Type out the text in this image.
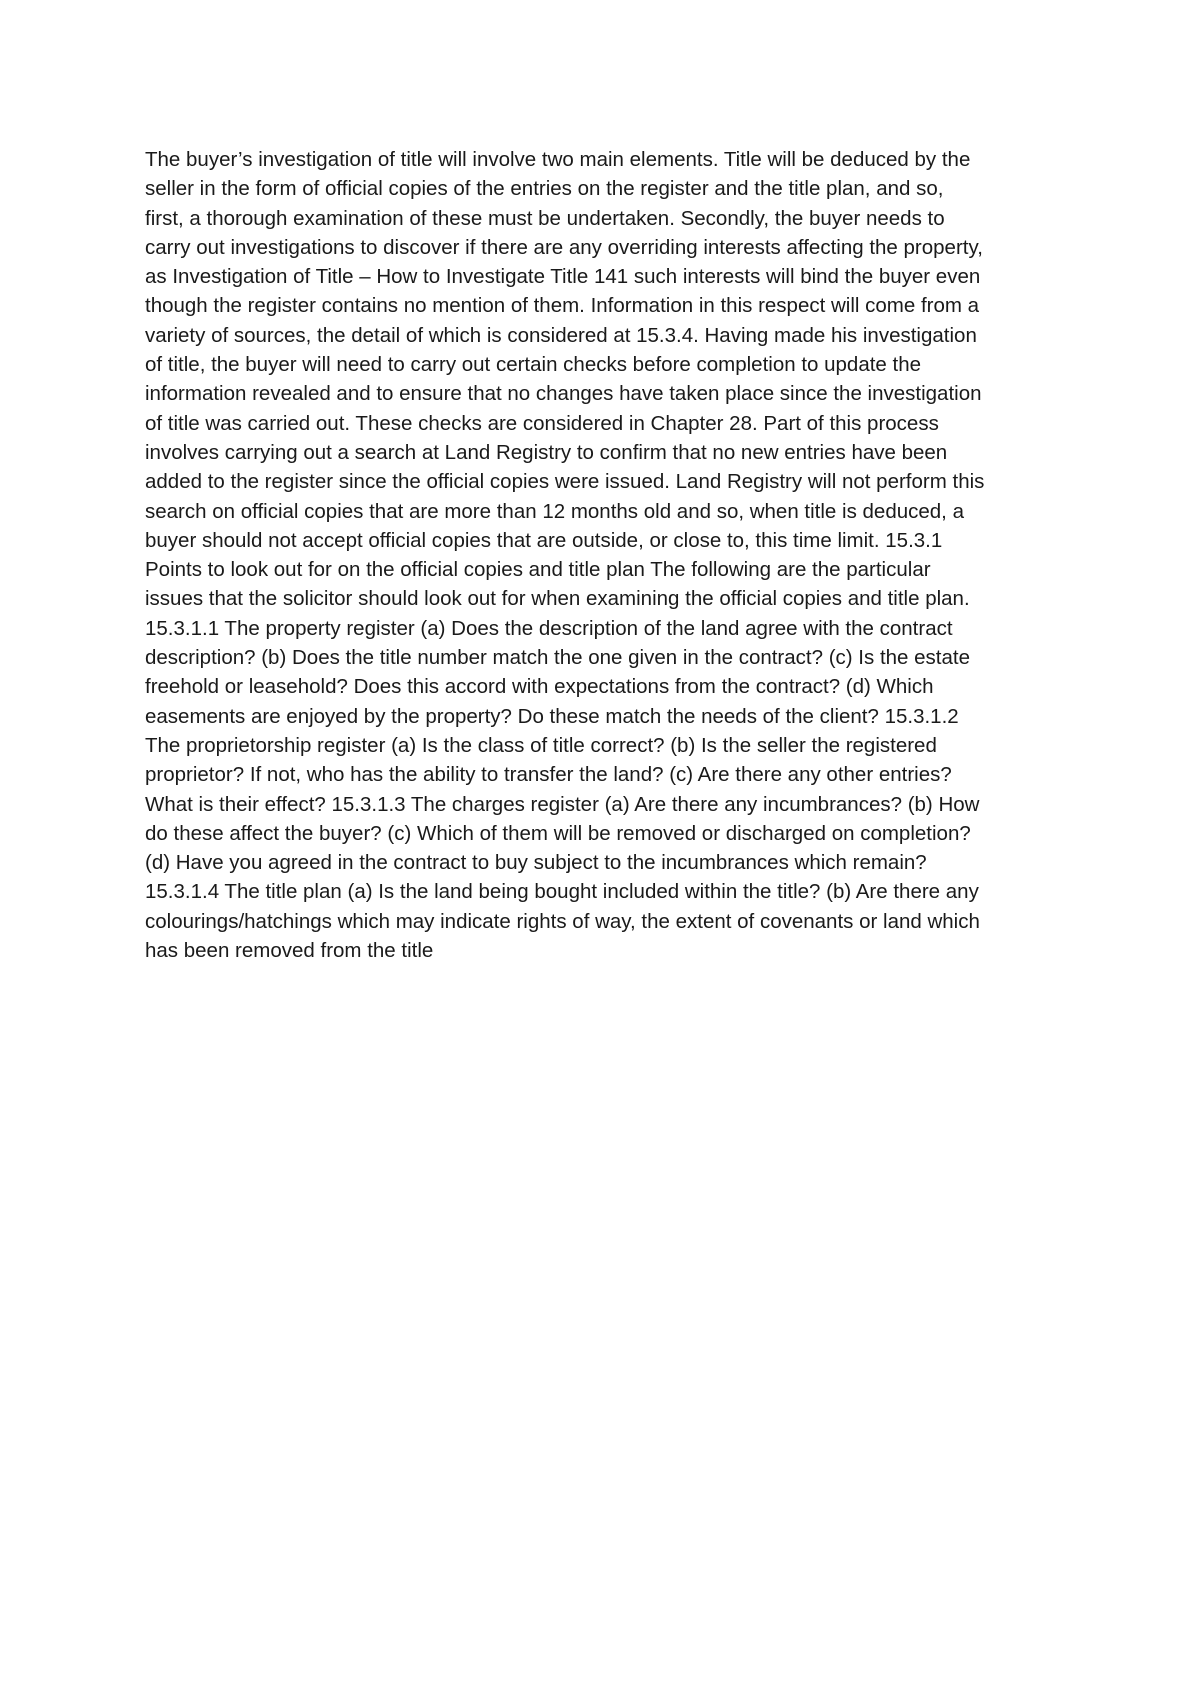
The buyer’s investigation of title will involve two main elements. Title will be deduced by the
seller in the form of official copies of the entries on the register and the title plan, and so,
first, a thorough examination of these must be undertaken. Secondly, the buyer needs to
carry out investigations to discover if there are any overriding interests affecting the property,
as Investigation of Title – How to Investigate Title 141 such interests will bind the buyer even
though the register contains no mention of them. Information in this respect will come from a
variety of sources, the detail of which is considered at 15.3.4. Having made his investigation
of title, the buyer will need to carry out certain checks before completion to update the
information revealed and to ensure that no changes have taken place since the investigation
of title was carried out. These checks are considered in Chapter 28. Part of this process
involves carrying out a search at Land Registry to confirm that no new entries have been
added to the register since the official copies were issued. Land Registry will not perform this
search on official copies that are more than 12 months old and so, when title is deduced, a
buyer should not accept official copies that are outside, or close to, this time limit. 15.3.1
Points to look out for on the official copies and title plan The following are the particular
issues that the solicitor should look out for when examining the official copies and title plan.
15.3.1.1 The property register (a) Does the description of the land agree with the contract
description? (b) Does the title number match the one given in the contract? (c) Is the estate
freehold or leasehold? Does this accord with expectations from the contract? (d) Which
easements are enjoyed by the property? Do these match the needs of the client? 15.3.1.2
The proprietorship register (a) Is the class of title correct? (b) Is the seller the registered
proprietor? If not, who has the ability to transfer the land? (c) Are there any other entries?
What is their effect? 15.3.1.3 The charges register (a) Are there any incumbrances? (b) How
do these affect the buyer? (c) Which of them will be removed or discharged on completion?
(d) Have you agreed in the contract to buy subject to the incumbrances which remain?
15.3.1.4 The title plan (a) Is the land being bought included within the title? (b) Are there any
colourings/hatchings which may indicate rights of way, the extent of covenants or land which
has been removed from the title
